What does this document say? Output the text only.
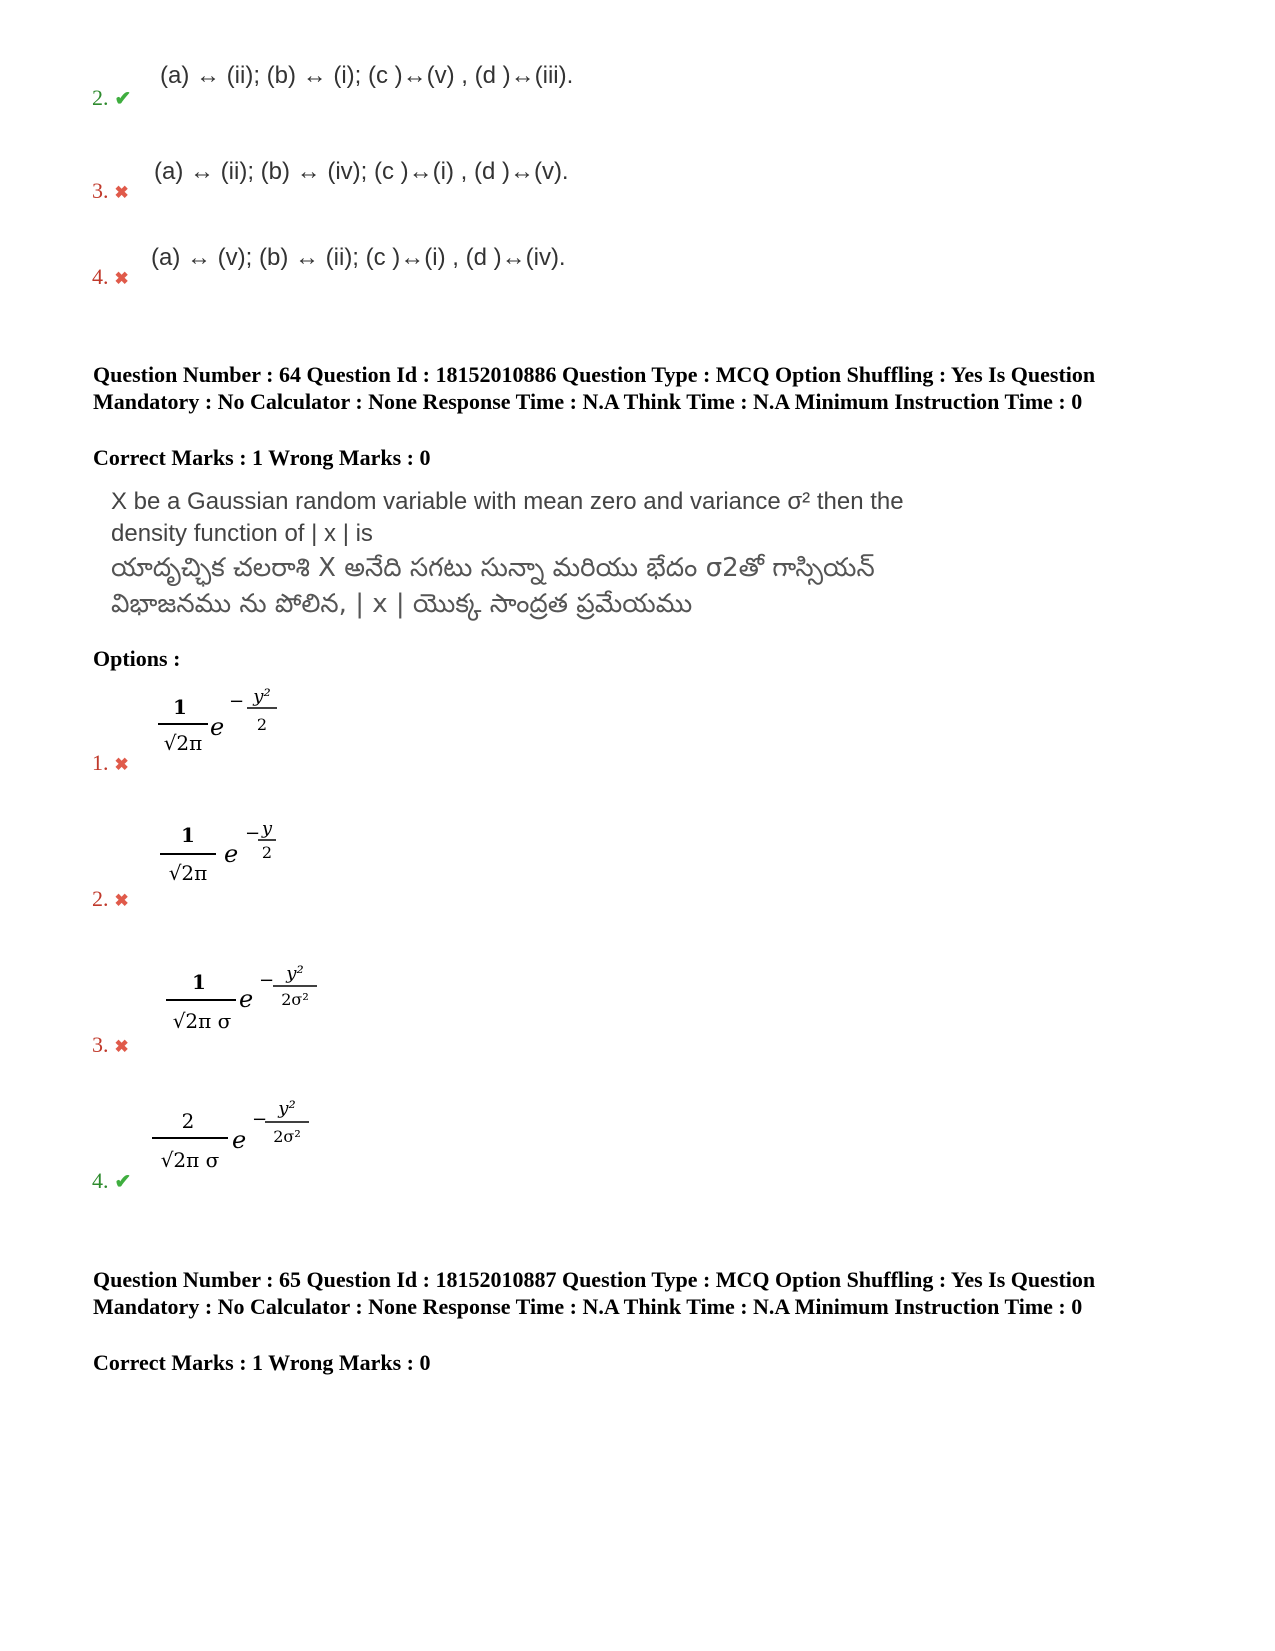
(a) ↔ (ii); (b) ↔ (i); (c )↔(v) , (d )↔(iii).
2. ✔
(a) ↔ (ii); (b) ↔ (iv); (c )↔(i) , (d )↔(v).
3. ✖
(a) ↔ (v); (b) ↔ (ii); (c )↔(i) , (d )↔(iv).
4. ✖
Question Number : 64 Question Id : 18152010886 Question Type : MCQ Option Shuffling : Yes Is Question Mandatory : No Calculator : None Response Time : N.A Think Time : N.A Minimum Instruction Time : 0
Correct Marks : 1 Wrong Marks : 0
X be a Gaussian random variable with mean zero and variance σ² then the
density function of | x | is
యాదృచ్ఛిక చలరాశి X అనేది సగటు సున్నా మరియు భేదం σ2తో గాస్సియన్
విభాజనము ను పోలిన, | x | యొక్క సాంద్రత ప్రమేయము
Options :
1
√2π
e
− y²
2
1. ✖
1
√2π
e
− y
2
2. ✖
1
√2π σ
e
− y²
2σ²
3. ✖
2
√2π σ
e
−
y²
2σ²
4. ✔
Question Number : 65 Question Id : 18152010887 Question Type : MCQ Option Shuffling : Yes Is Question Mandatory : No Calculator : None Response Time : N.A Think Time : N.A Minimum Instruction Time : 0
Correct Marks : 1 Wrong Marks : 0
